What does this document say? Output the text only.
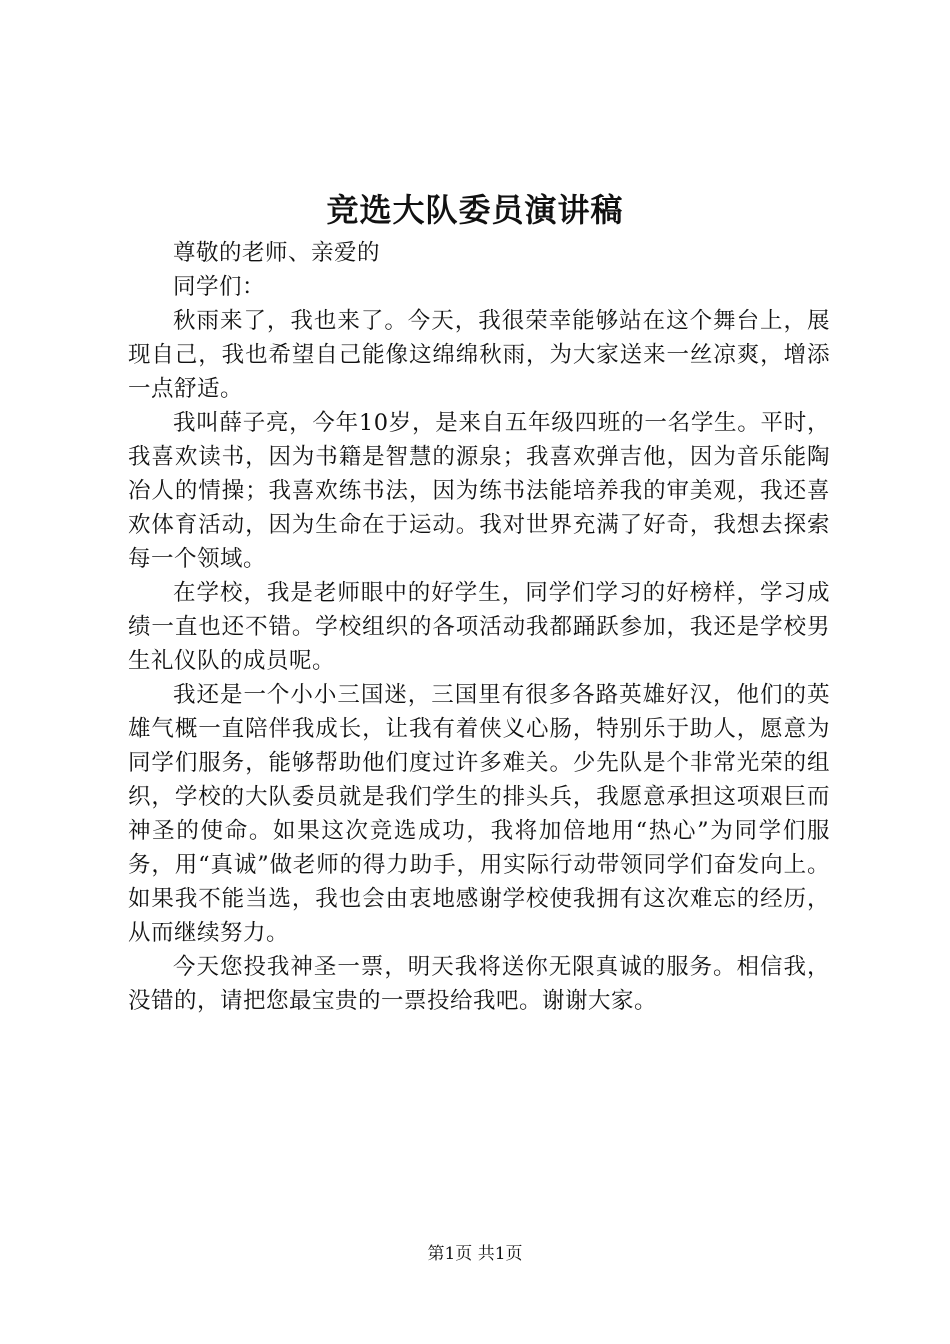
竞选大队委员演讲稿

尊敬的老师、亲爱的

同学们：

秋雨来了，我也来了。今天，我很荣幸能够站在这个舞台上，展现自己，我也希望自己能像这绵绵秋雨，为大家送来一丝凉爽，增添一点舒适。

我叫薛子亮，今年10岁，是来自五年级四班的一名学生。平时，我喜欢读书，因为书籍是智慧的源泉；我喜欢弹吉他，因为音乐能陶冶人的情操；我喜欢练书法，因为练书法能培养我的审美观，我还喜欢体育活动，因为生命在于运动。我对世界充满了好奇，我想去探索每一个领域。

在学校，我是老师眼中的好学生，同学们学习的好榜样，学习成绩一直也还不错。学校组织的各项活动我都踊跃参加，我还是学校男生礼仪队的成员呢。

我还是一个小小三国迷，三国里有很多各路英雄好汉，他们的英雄气概一直陪伴我成长，让我有着侠义心肠，特别乐于助人，愿意为同学们服务，能够帮助他们度过许多难关。少先队是个非常光荣的组织，学校的大队委员就是我们学生的排头兵，我愿意承担这项艰巨而神圣的使命。如果这次竞选成功，我将加倍地用“热心”为同学们服务，用“真诚”做老师的得力助手，用实际行动带领同学们奋发向上。如果我不能当选，我也会由衷地感谢学校使我拥有这次难忘的经历，从而继续努力。

今天您投我神圣一票，明天我将送你无限真诚的服务。相信我，没错的，请把您最宝贵的一票投给我吧。谢谢大家。

第1页 共1页
